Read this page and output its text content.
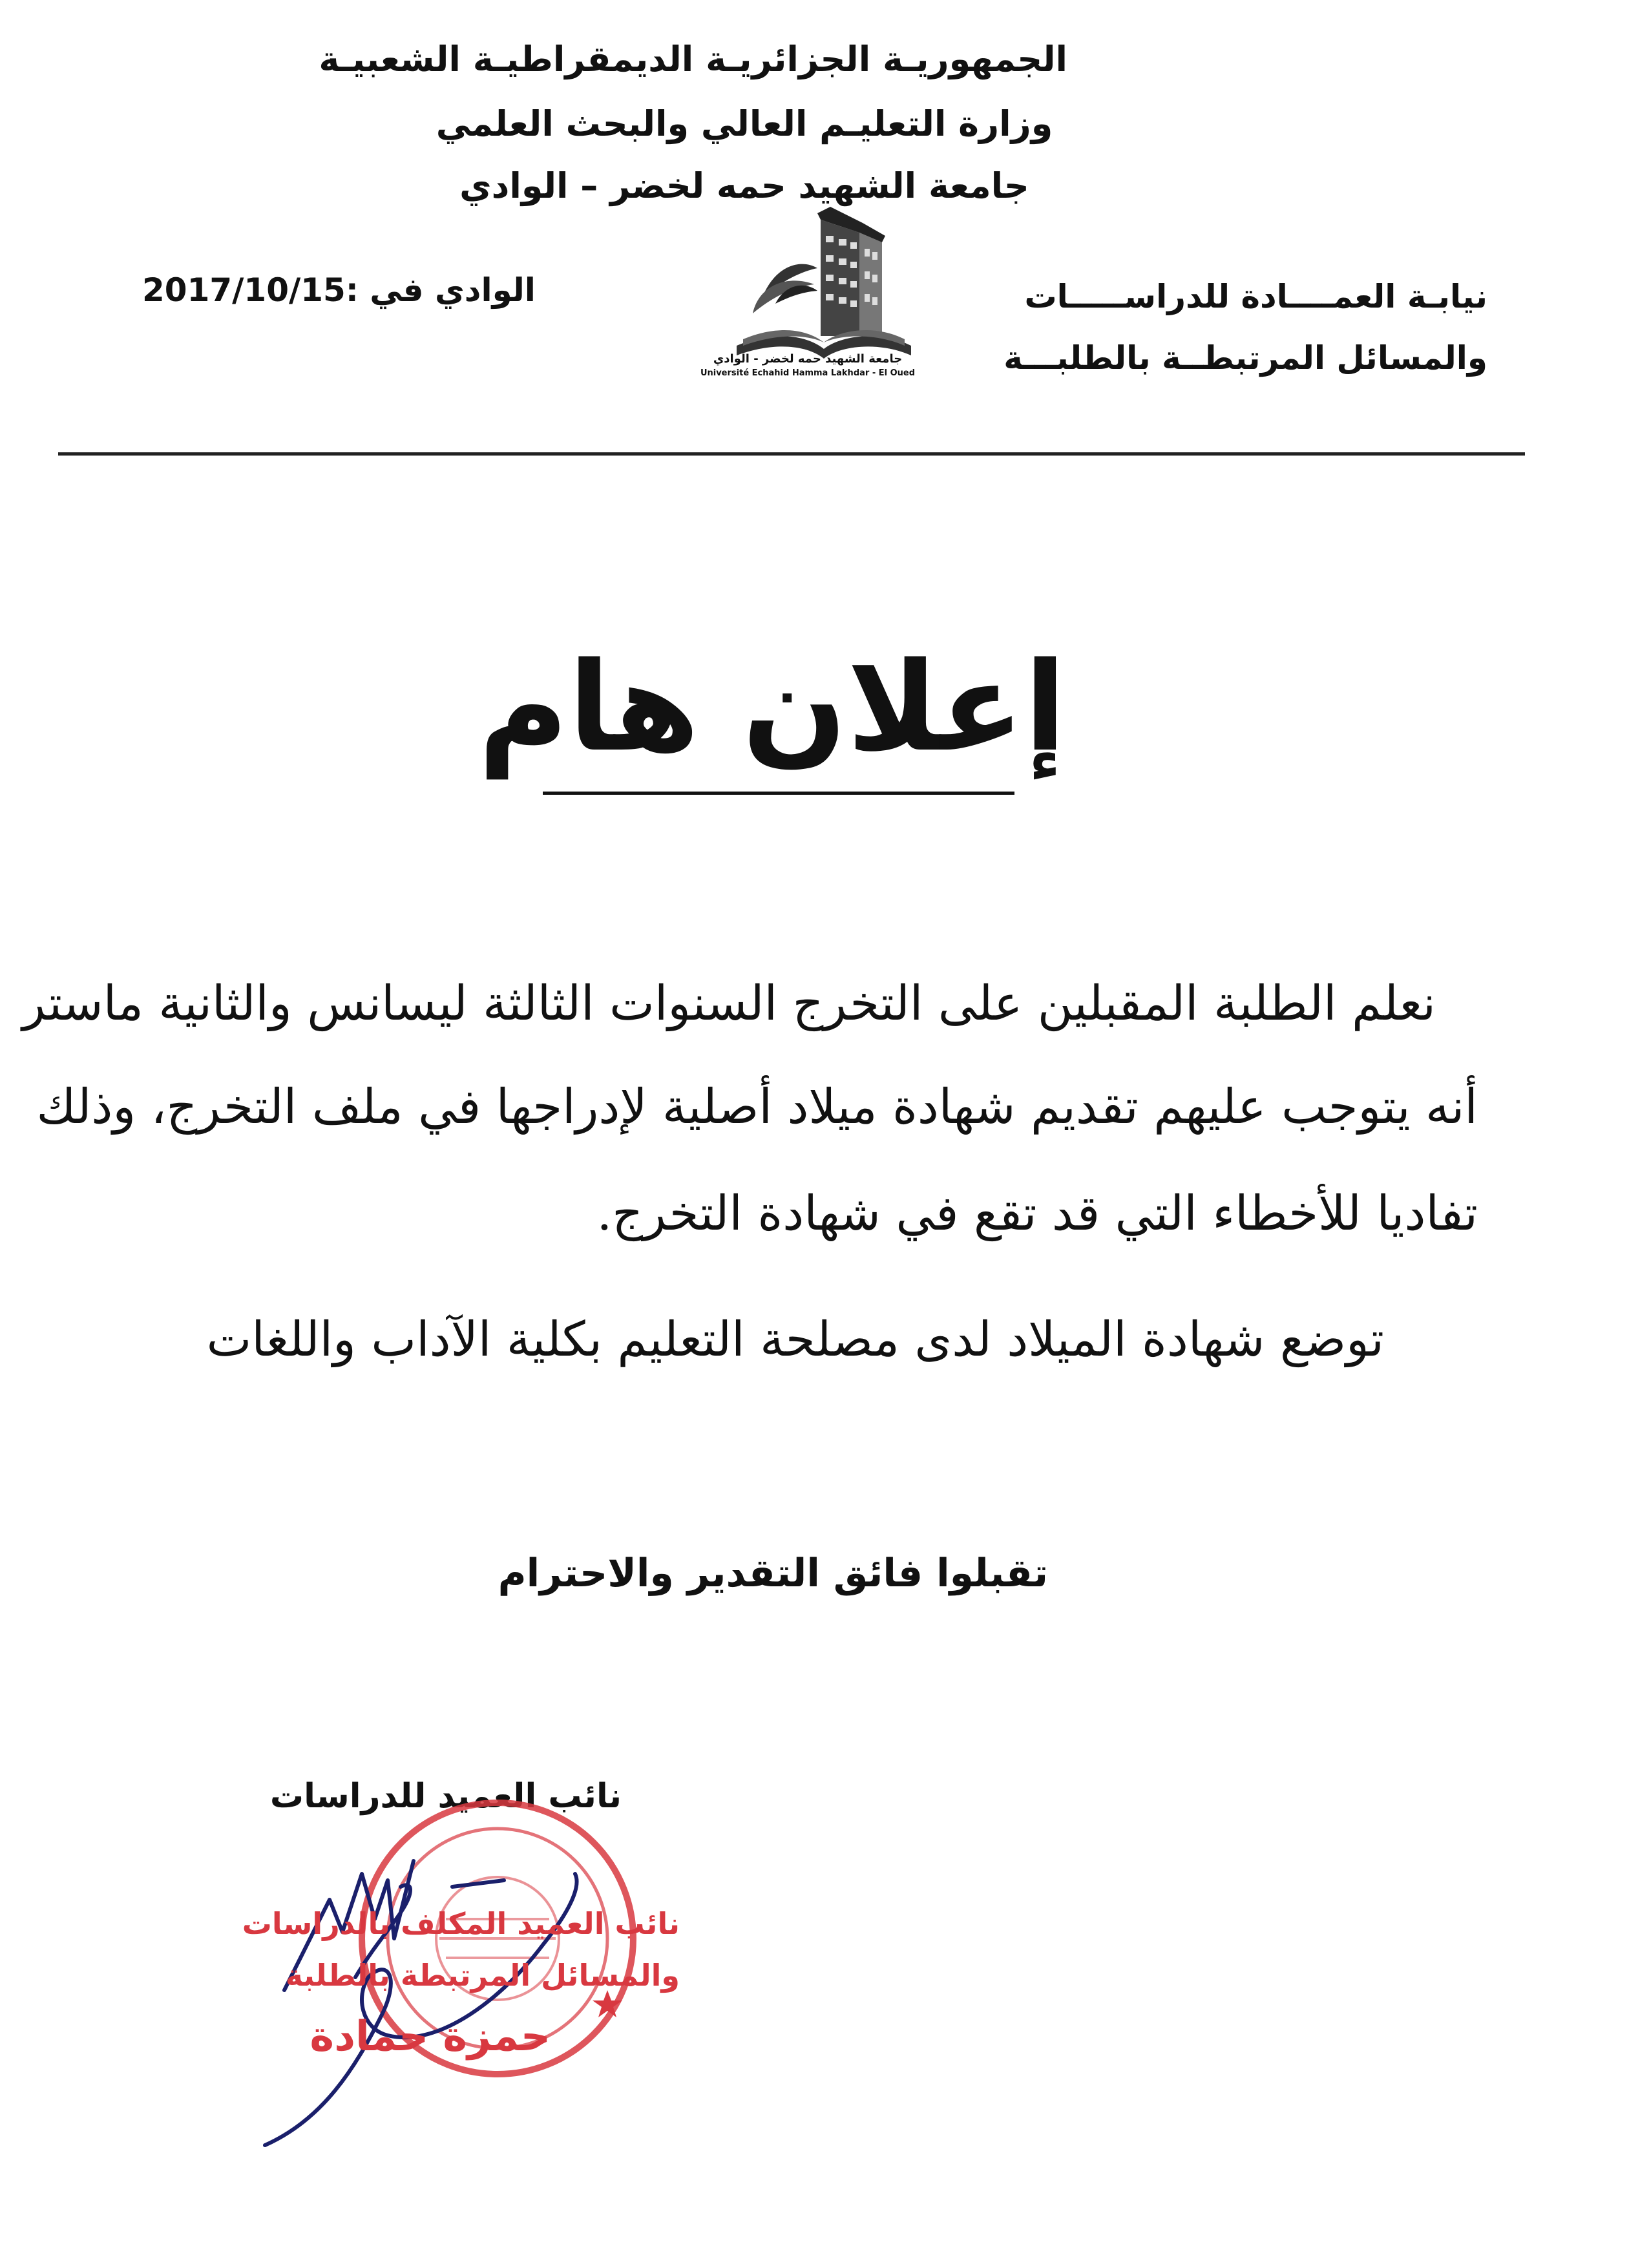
الجمهوريـة الجزائريـة الديمقراطيـة الشعبيـة
وزارة التعليـم العالي والبحث العلمي
جامعة الشهيد حمه لخضر – الوادي
نيابـة العمــــادة للدراســـــات
والمسائل المرتبطــة بالطلبـــة
الوادي في :2017/10/15
جامعة الشهيد حمه لخضر - الوادي
Université Echahid Hamma Lakhdar - El Oued
إعلان هام
نعلم الطلبة المقبلين على التخرج السنوات الثالثة ليسانس والثانية ماستر
أنه يتوجب عليهم تقديم شهادة ميلاد أصلية لإدراجها في ملف التخرج، وذلك
تفاديا للأخطاء التي قد تقع في شهادة التخرج.
توضع شهادة الميلاد لدى مصلحة التعليم بكلية الآداب واللغات
تقبلوا فائق التقدير والاحترام
نائب العميد للدراسات
نائب العميد المكلف بالدراسات
والمسائل المرتبطة بالطلبة
حمزة حمادة
